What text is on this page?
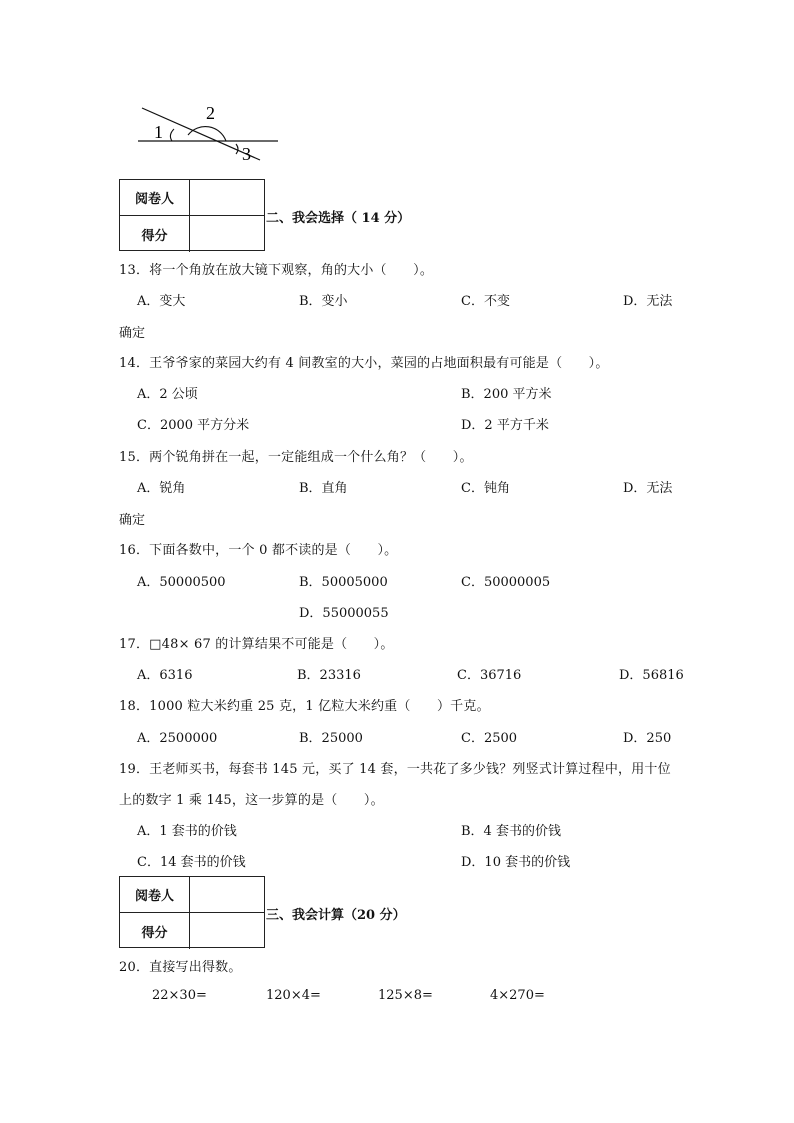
1
2
3
阅卷人
得分
二、我会选择（ 14 分）
13．将一个角放在放大镜下观察，角的大小（　　）。
A．变大	B．变小	C．不变	D．无法
确定
14．王爷爷家的菜园大约有 4 间教室的大小，菜园的占地面积最有可能是（　　）。
A．2 公顷	B．200 平方米
C．2000 平方分米	D．2 平方千米
15．两个锐角拼在一起，一定能组成一个什么角？（　　）。
A．锐角	B．直角	C．钝角	D．无法
确定
16．下面各数中，一个 0 都不读的是（　　）。
A．50000500	B．50005000	C．50000005
D．55000055
17．□48× 67 的计算结果不可能是（　　）。
A．6316	B．23316	C．36716	D．56816
18．1000 粒大米约重 25 克，1 亿粒大米约重（　　）千克。
A．2500000	B．25000	C．2500	D．250
19．王老师买书，每套书 145 元，买了 14 套，一共花了多少钱？列竖式计算过程中，用十位
上的数字 1 乘 145，这一步算的是（　　）。
A．1 套书的价钱	B．4 套书的价钱
C．14 套书的价钱	D．10 套书的价钱
阅卷人
得分
三、我会计算（20 分）
20．直接写出得数。
22×30=	120×4=	125×8=	4×270=
